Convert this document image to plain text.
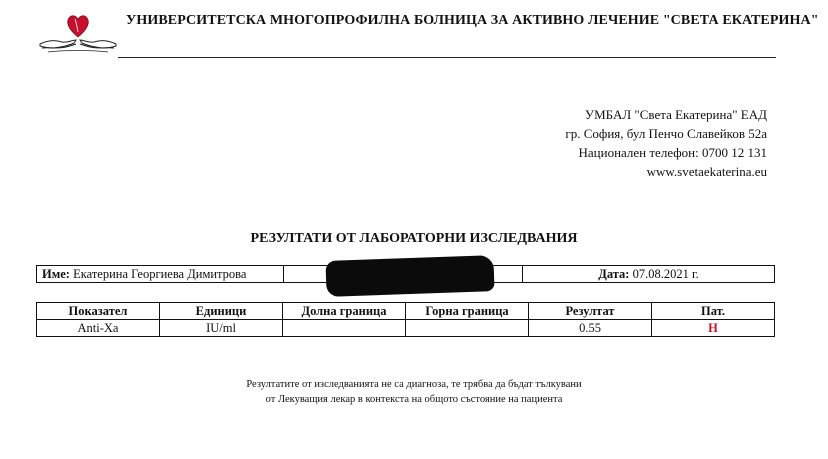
УНИВЕРСИТЕТСКА МНОГОПРОФИЛНА БОЛНИЦА ЗА АКТИВНО ЛЕЧЕНИЕ "СВЕТА ЕКАТЕРИНА"
УМБАЛ "Света Екатерина" ЕАД
гр. София, бул Пенчо Славейков 52а
Национален телефон: 0700 12 131
www.svetaekaterina.eu
РЕЗУЛТАТИ ОТ ЛАБОРАТОРНИ ИЗСЛЕДВАНИЯ
Име: Екатерина Георгиева Димитрова		Дата: 07.08.2021 г.
Показател	Единици	Долна граница	Горна граница	Резултат	Пат.
Anti-Xa	IU/ml			0.55	H
Резултатите от изследванията не са диагноза, те трябва да бъдат тълкувани
от Лекуващия лекар в контекста на общото състояние на пациента
